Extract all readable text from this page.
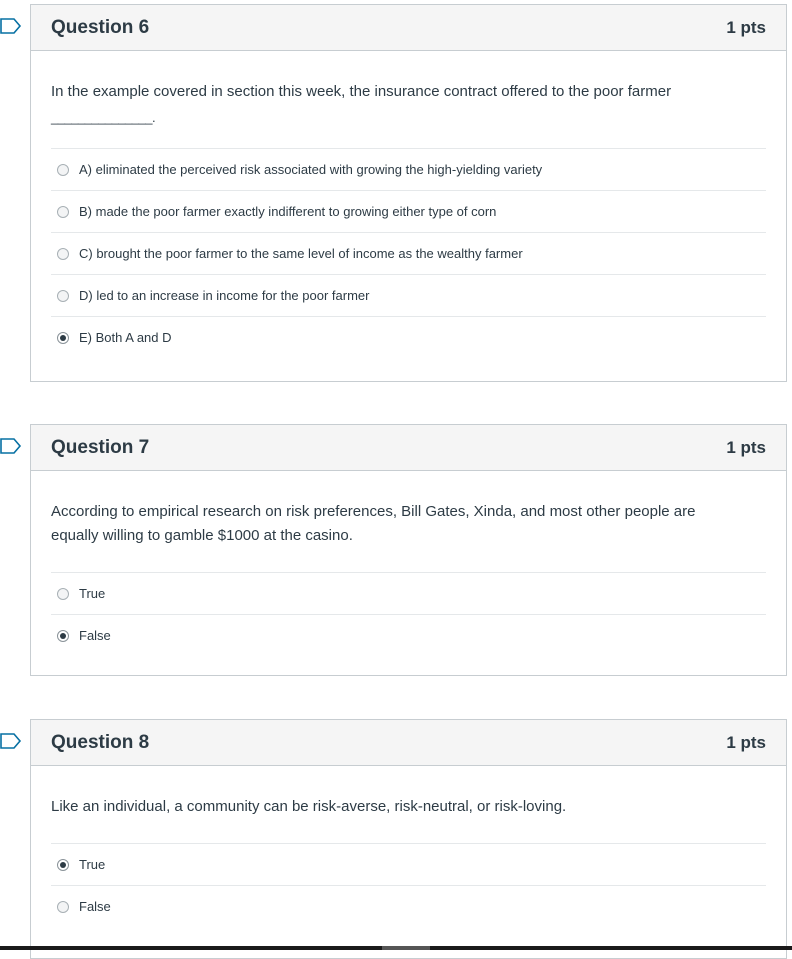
Question 6	1 pts
In the example covered in section this week, the insurance contract offered to the poor farmer
_______________.
A) eliminated the perceived risk associated with growing the high-yielding variety
B) made the poor farmer exactly indifferent to growing either type of corn
C) brought the poor farmer to the same level of income as the wealthy farmer
D) led to an increase in income for the poor farmer
E) Both A and D
Question 7	1 pts
According to empirical research on risk preferences, Bill Gates, Xinda, and most other people are equally willing to gamble $1000 at the casino.
True
False
Question 8	1 pts
Like an individual, a community can be risk-averse, risk-neutral, or risk-loving.
True
False
